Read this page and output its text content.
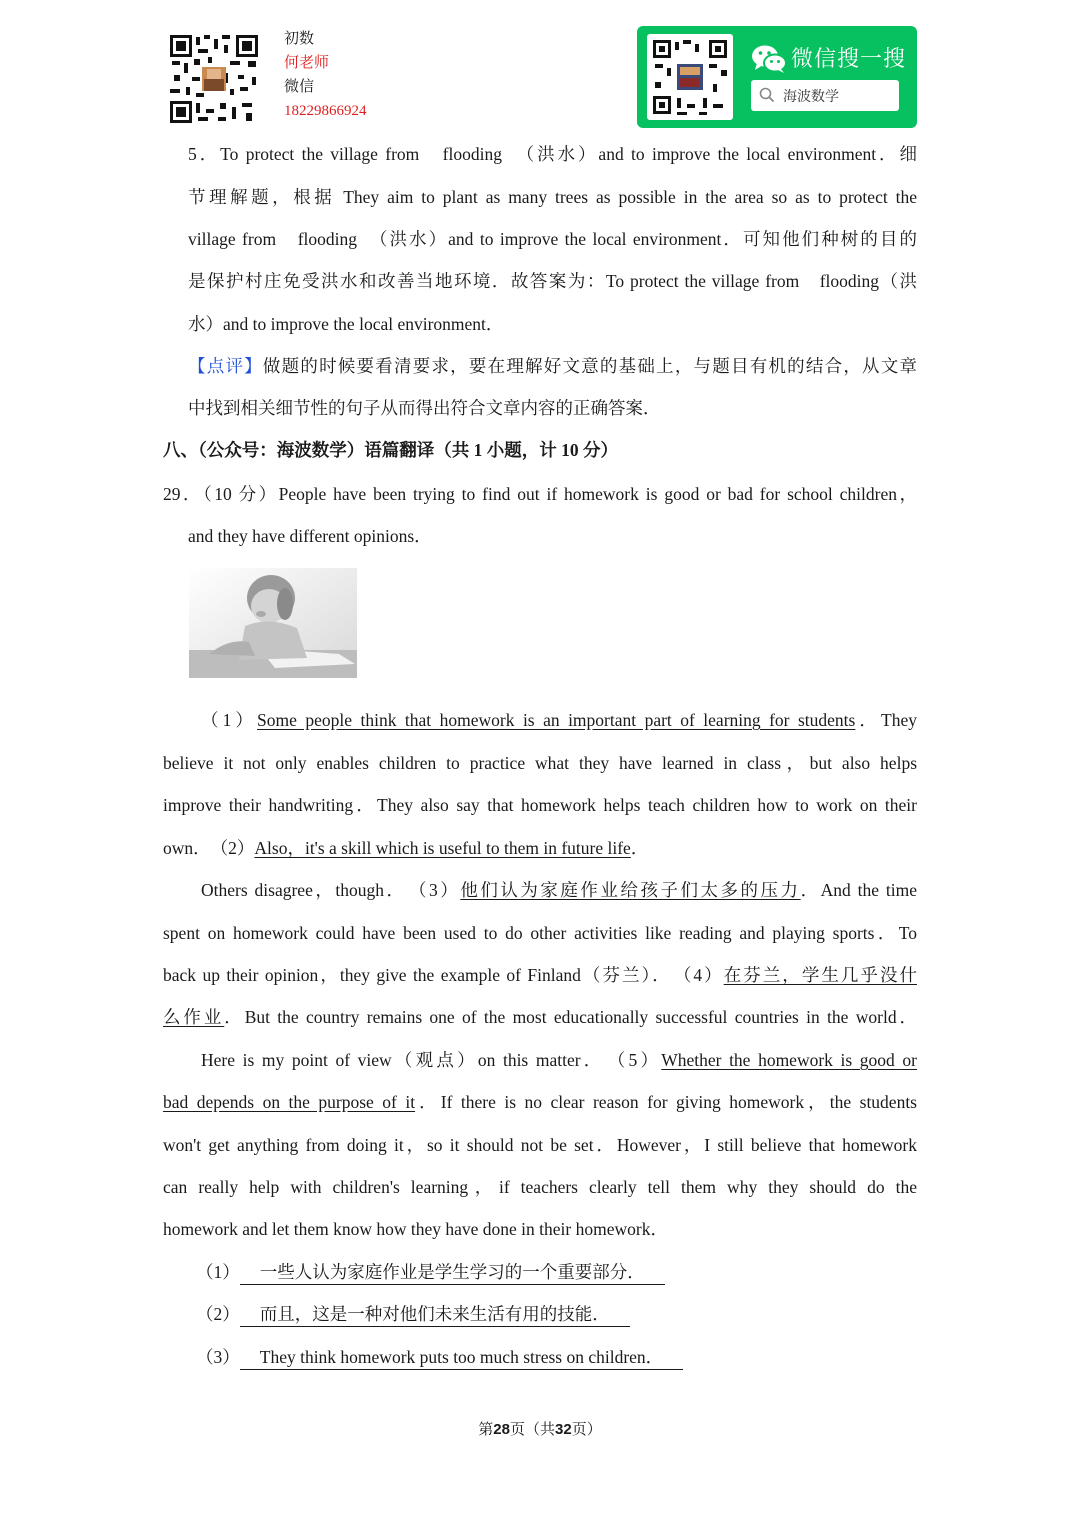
初数
何老师
微信
18229866924
微信搜一搜
海波数学
5．To protect the village from　flooding　（洪水）and to improve the local environment．细
节理解题，根据 They aim to plant as many trees as possible in the area so as to protect the
village from　flooding　（洪水）and to improve the local environment．可知他们种树的目的
是保护村庄免受洪水和改善当地环境．故答案为：To protect the village from　flooding（洪
水）and to improve the local environment．
【点评】做题的时候要看清要求，要在理解好文意的基础上，与题目有机的结合，从文章
中找到相关细节性的句子从而得出符合文章内容的正确答案．
八、（公众号：海波数学）语篇翻译（共 1 小题，计 10 分）
29．（10 分）People have been trying to find out if homework is good or bad for school children，
and they have different opinions．
（1）Some people think that homework is an important part of learning for students．They
believe it not only enables children to practice what they have learned in class，but also helps
improve their handwriting．They also say that homework helps teach children how to work on their
own．　（2）Also，it's a skill which is useful to them in future life．
Others disagree，though．　（3）他们认为家庭作业给孩子们太多的压力．And the time
spent on homework could have been used to do other activities like reading and playing sports．To
back up their opinion，they give the example of Finland（芬兰）．　（4）在芬兰，学生几乎没什
么作业．But the country remains one of the most educationally successful countries in the world．
Here is my point of view（观点）on this matter．　（5）Whether the homework is good or
bad depends on the purpose of it．If there is no clear reason for giving homework，the students
won't get anything from doing it，so it should not be set．However，I still believe that homework
can really help with children's learning，if teachers clearly tell them why they should do the
homework and let them know how they have done in their homework．
（1） 一些人认为家庭作业是学生学习的一个重要部分．
（2） 而且，这是一种对他们未来生活有用的技能．
（3） They think homework puts too much stress on children．
第28页（共32页）
